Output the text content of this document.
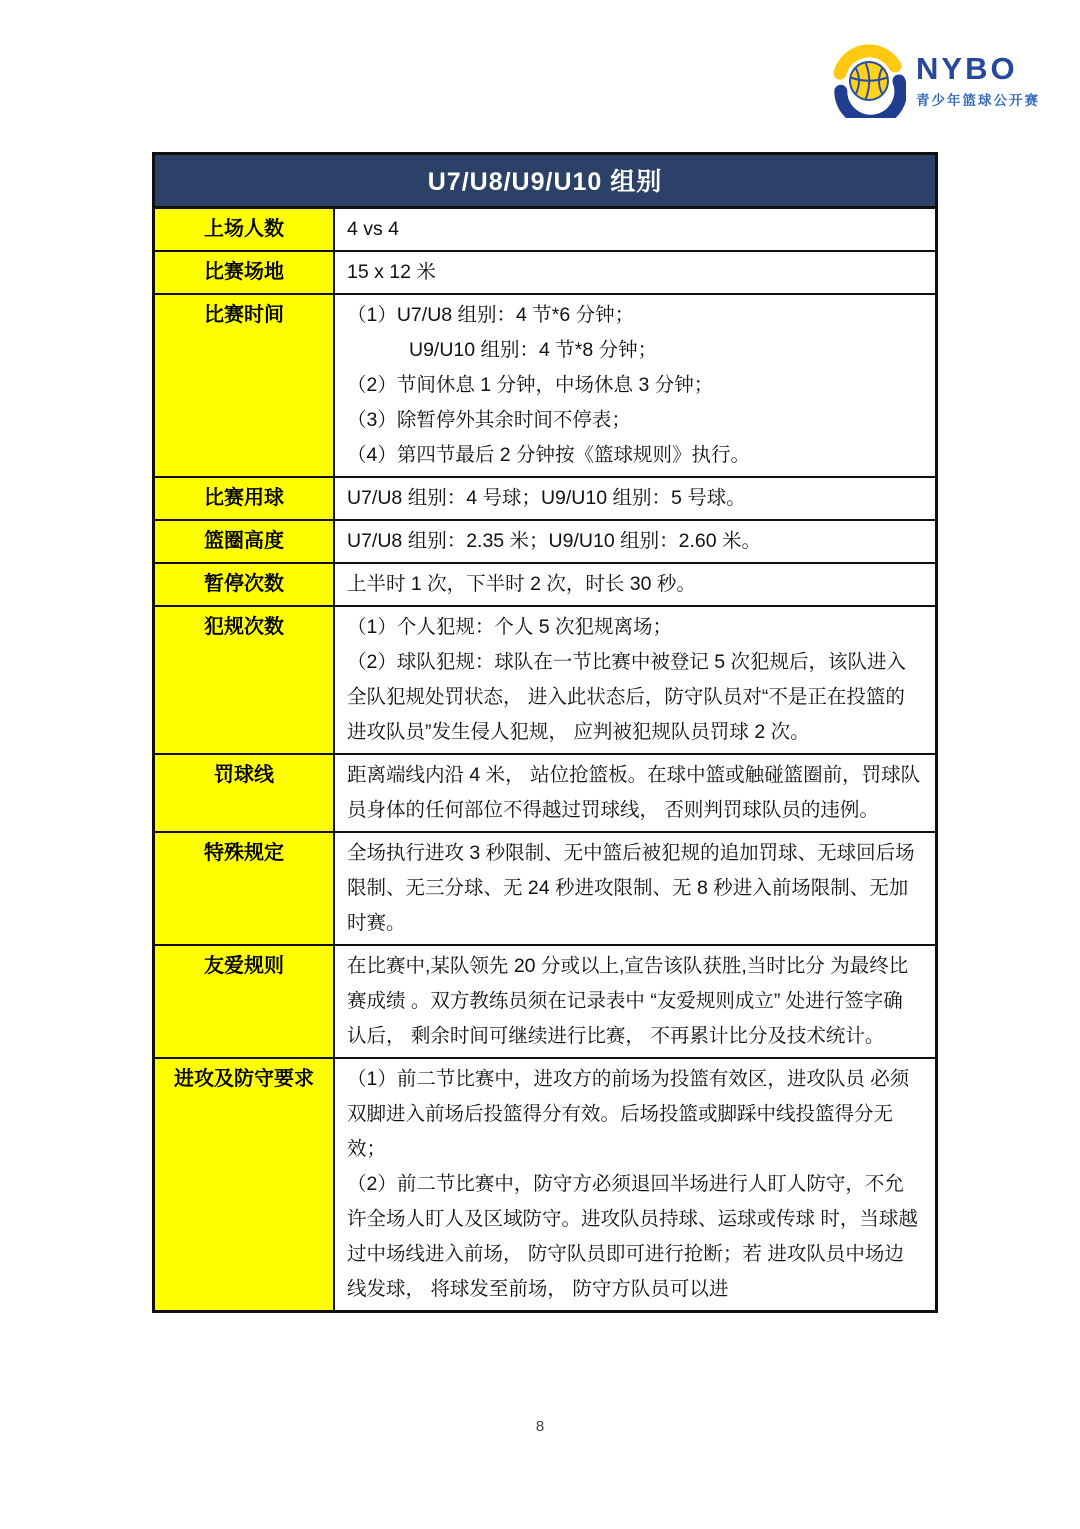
NYBO
青少年篮球公开赛
U7/U8/U9/U10 组别
上场人数	4 vs 4

比赛场地	15 x 12 米

比赛时间	（1）U7/U8 组别：4 节*6 分钟；

U9/U10 组别：4 节*8 分钟；

（2）节间休息 1 分钟，中场休息 3 分钟；

（3）除暂停外其余时间不停表；

（4）第四节最后 2 分钟按《篮球规则》执行。

比赛用球	U7/U8 组别：4 号球；U9/U10 组别：5 号球。

篮圈高度	U7/U8 组别：2.35 米；U9/U10 组别：2.60 米。

暂停次数	上半时 1 次，下半时 2 次，时长 30 秒。

犯规次数	（1）个人犯规：个人 5 次犯规离场；

（2）球队犯规：球队在一节比赛中被登记 5 次犯规后，该队进入全队犯规处罚状态， 进入此状态后，防守队员对“不是正在投篮的进攻队员”发生侵人犯规， 应判被犯规队员罚球 2 次。

罚球线	距离端线内沿 4 米， 站位抢篮板。在球中篮或触碰篮圈前，罚球队员身体的任何部位不得越过罚球线， 否则判罚球队员的违例。

特殊规定	全场执行进攻 3 秒限制、无中篮后被犯规的追加罚球、无球回后场限制、无三分球、无 24 秒进攻限制、无 8 秒进入前场限制、无加时赛。

友爱规则	在比赛中,某队领先 20 分或以上,宣告该队获胜,当时比分 为最终比赛成绩 。双方教练员须在记录表中 “友爱规则成立” 处进行签字确认后， 剩余时间可继续进行比赛， 不再累计比分及技术统计。

进攻及防守要求	（1）前二节比赛中，进攻方的前场为投篮有效区，进攻队员 必须双脚进入前场后投篮得分有效。后场投篮或脚踩中线投篮得分无效；

（2）前二节比赛中，防守方必须退回半场进行人盯人防守，不允许全场人盯人及区域防守。进攻队员持球、运球或传球 时，当球越过中场线进入前场， 防守队员即可进行抢断；若 进攻队员中场边线发球， 将球发至前场， 防守方队员可以进

8
